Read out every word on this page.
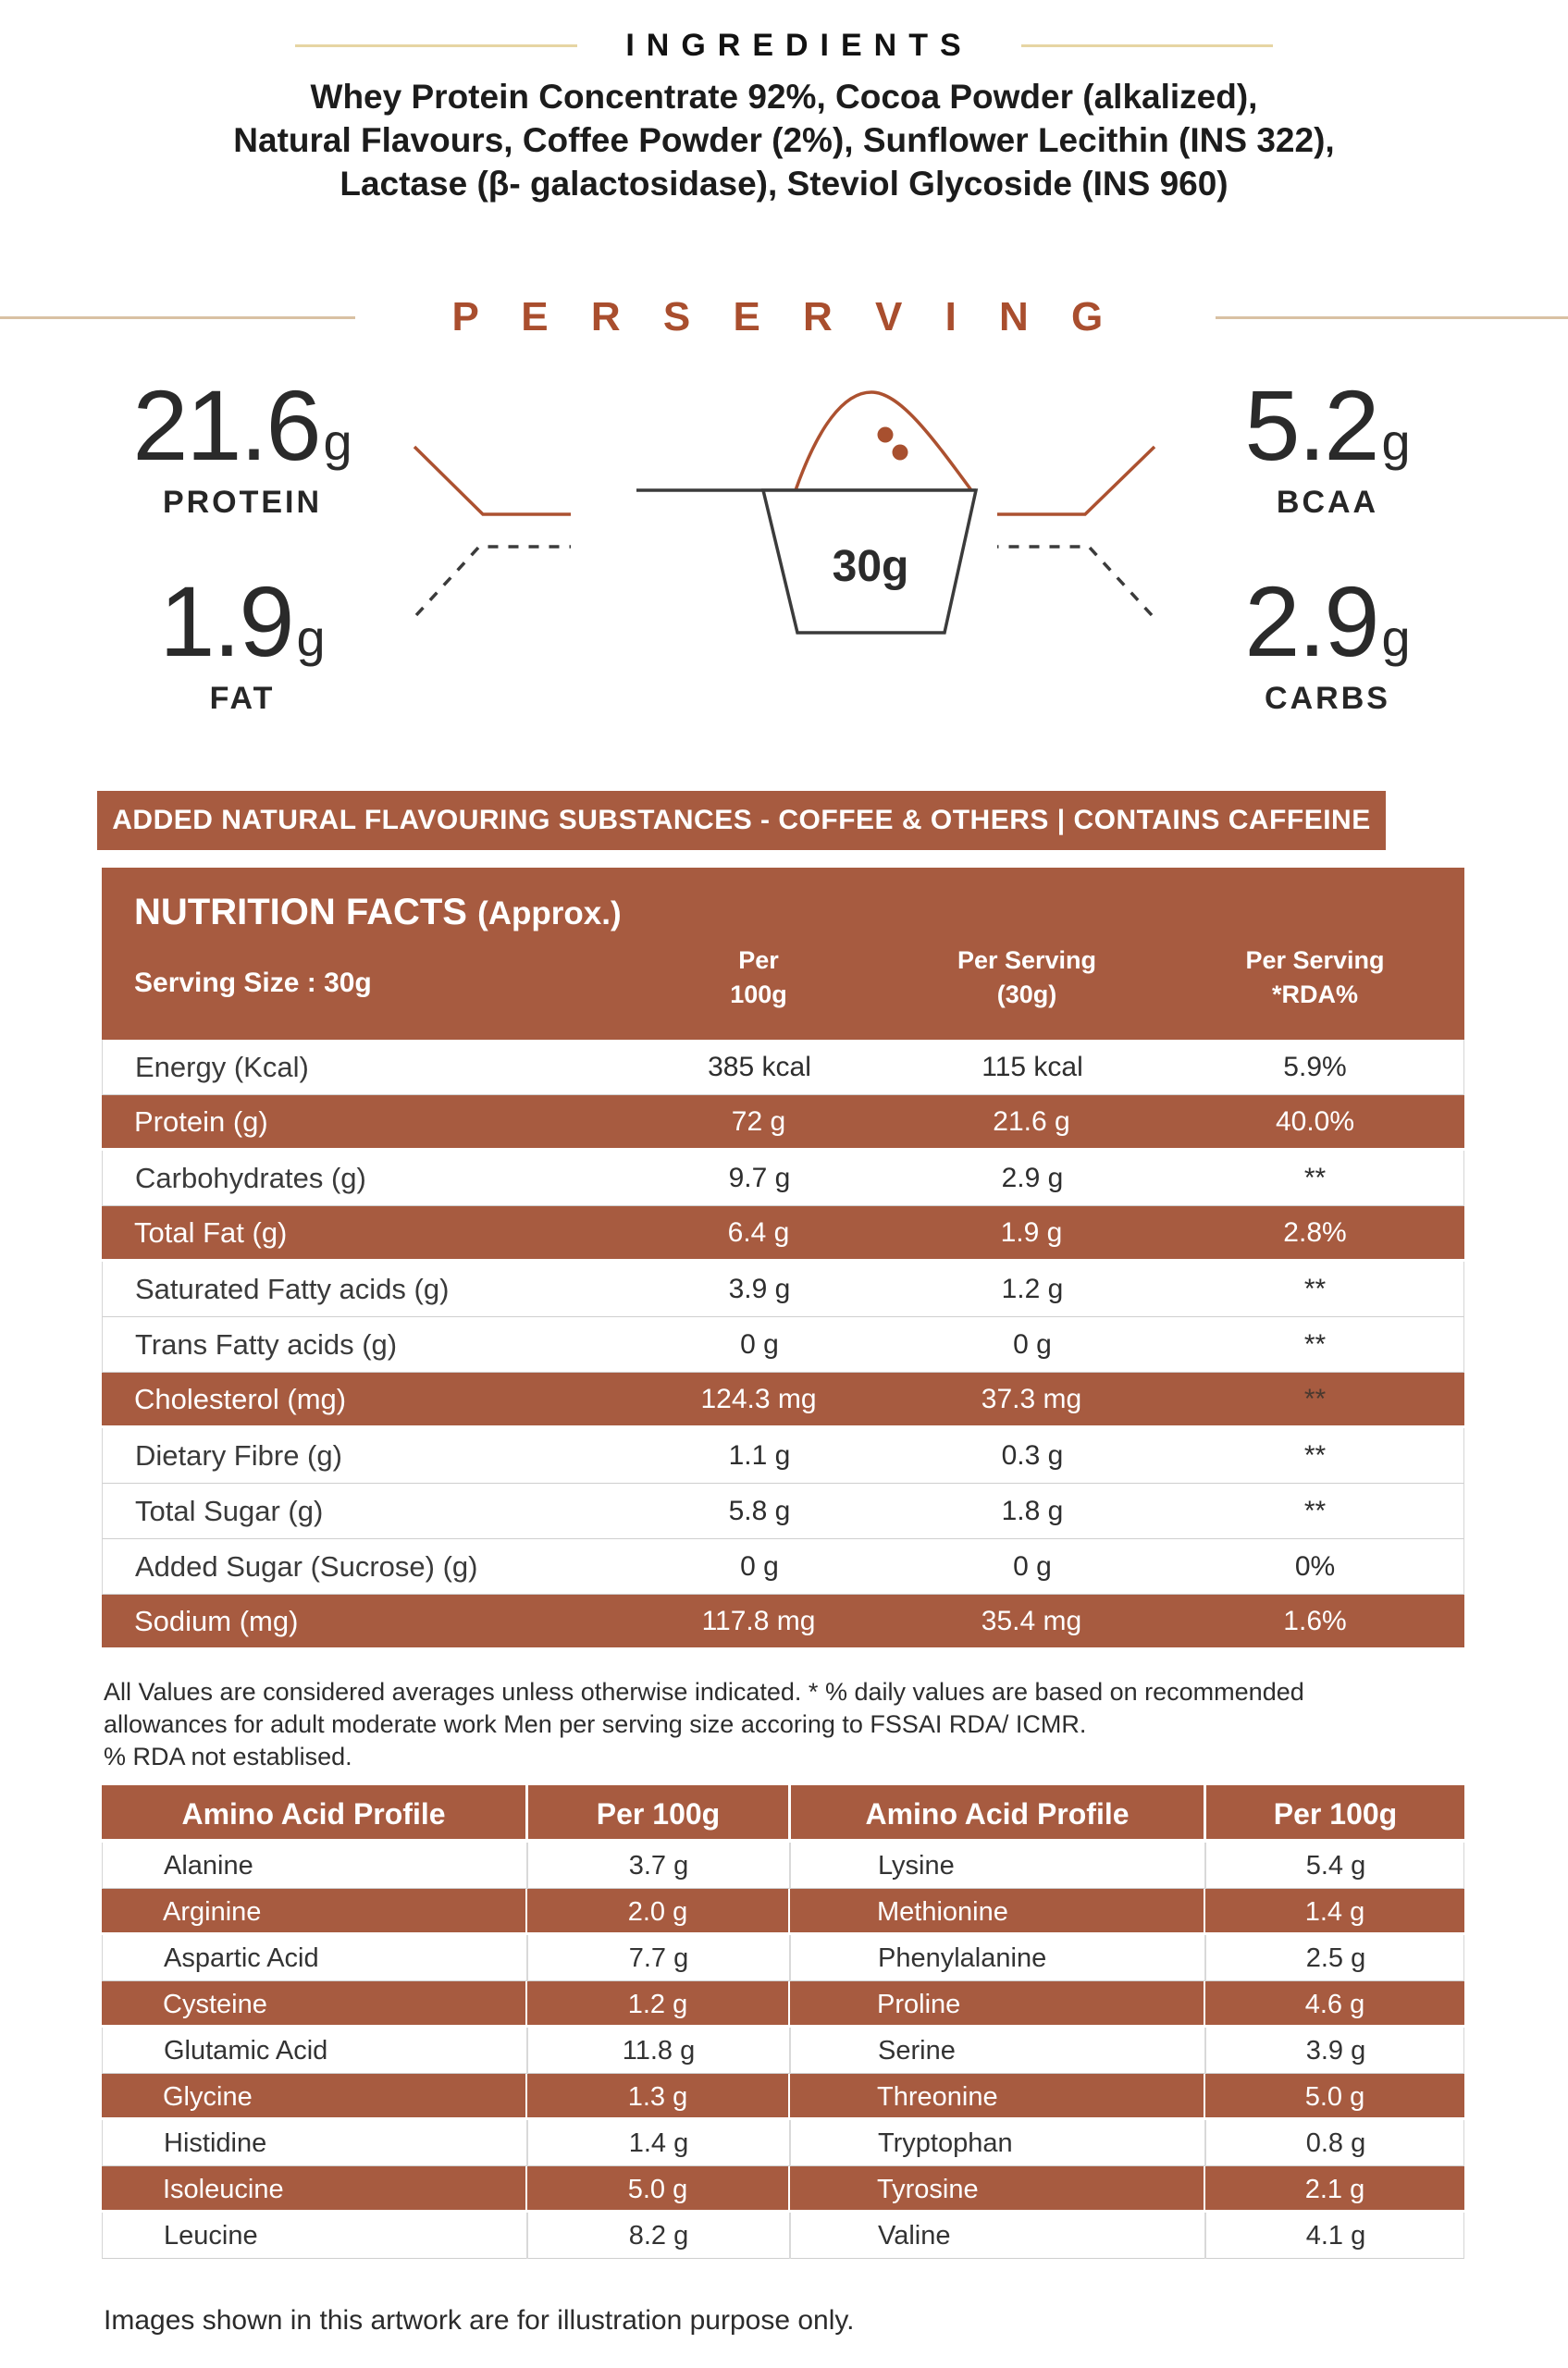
INGREDIENTS
Whey Protein Concentrate 92%, Cocoa Powder (alkalized),
Natural Flavours, Coffee Powder (2%), Sunflower Lecithin (INS 322),
Lactase (β- galactosidase), Steviol Glycoside (INS 960)
P E R S E R V I N G
30g
21.6 g
PROTEIN
1.9 g
FAT
5.2 g
BCAA
2.9 g
CARBS
ADDED NATURAL FLAVOURING SUBSTANCES - COFFEE & OTHERS | CONTAINS CAFFEINE
NUTRITION FACTS (Approx.)
Serving Size : 30g
Per
100g
Per Serving
(30g)
Per Serving
*RDA%
Energy (Kcal)	385 kcal	115 kcal	5.9%
Protein (g)	72 g	21.6 g	40.0%
Carbohydrates (g)	9.7 g	2.9 g	**
Total Fat (g)	6.4 g	1.9 g	2.8%
Saturated Fatty acids (g)	3.9 g	1.2 g	**
Trans Fatty acids (g)	0 g	0 g	**
Cholesterol (mg)	124.3 mg	37.3 mg	**
Dietary Fibre (g)	1.1 g	0.3 g	**
Total Sugar (g)	5.8 g	1.8 g	**
Added Sugar (Sucrose) (g)	0 g	0 g	0%
Sodium (mg)	117.8 mg	35.4 mg	1.6%
All Values are considered averages unless otherwise indicated. * % daily values are based on recommended
allowances for adult moderate work Men per serving size accoring to FSSAI RDA/ ICMR.
% RDA not establised.
Amino Acid Profile	Per 100g	Amino Acid Profile	Per 100g
Alanine	3.7 g	Lysine	5.4 g
Arginine	2.0 g	Methionine	1.4 g
Aspartic Acid	7.7 g	Phenylalanine	2.5 g
Cysteine	1.2 g	Proline	4.6 g
Glutamic Acid	11.8 g	Serine	3.9 g
Glycine	1.3 g	Threonine	5.0 g
Histidine	1.4 g	Tryptophan	0.8 g
Isoleucine	5.0 g	Tyrosine	2.1 g
Leucine	8.2 g	Valine	4.1 g
Images shown in this artwork are for illustration purpose only.
